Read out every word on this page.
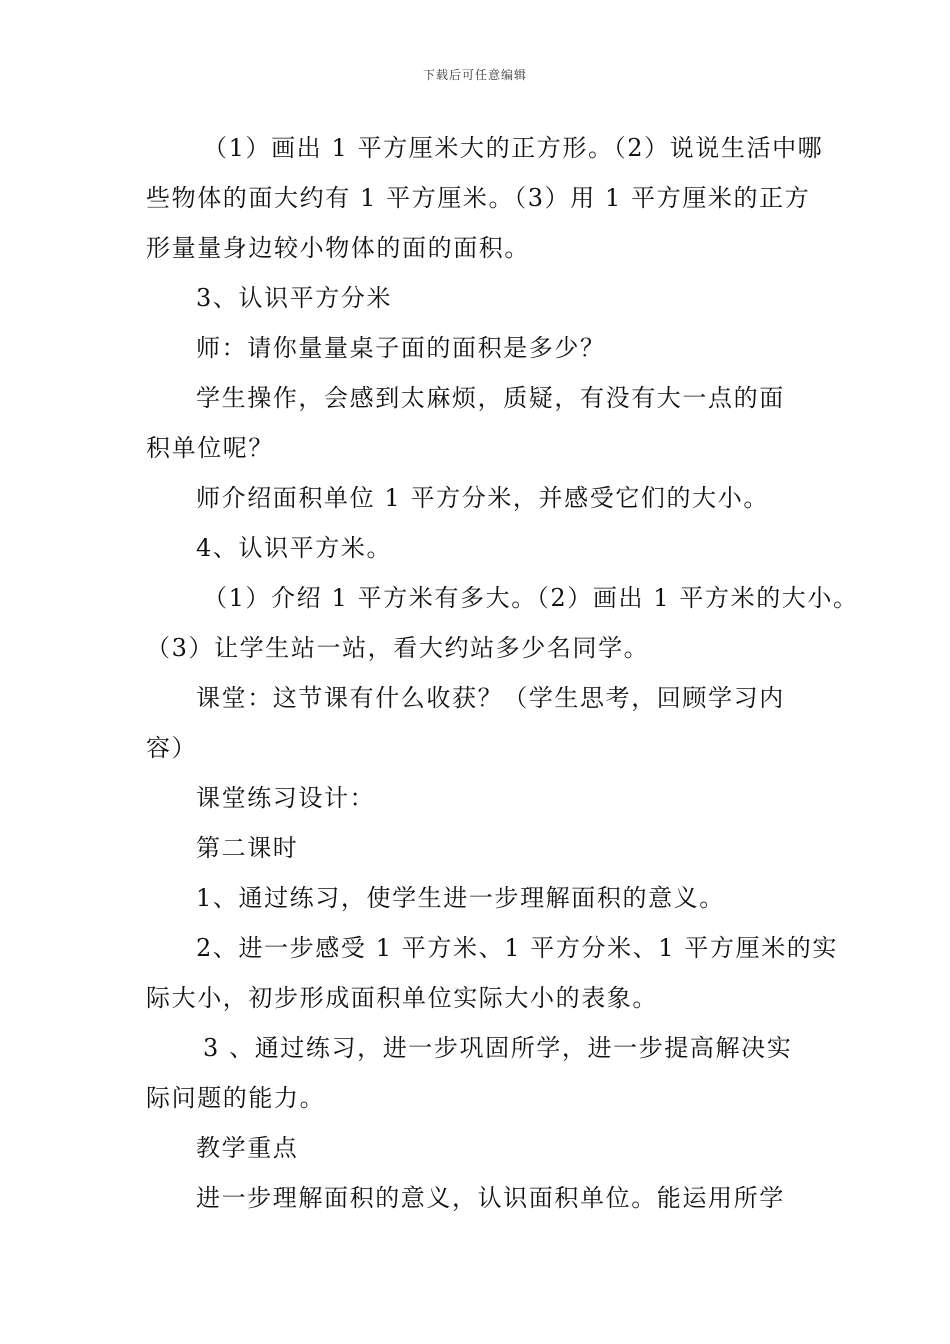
下载后可任意编辑
（1）画出 1 平方厘米大的正方形。（2）说说生活中哪
些物体的面大约有 1 平方厘米。（3）用 1 平方厘米的正方
形量量身边较小物体的面的面积。
3、认识平方分米
师：请你量量桌子面的面积是多少？
学生操作，会感到太麻烦，质疑，有没有大一点的面
积单位呢？
师介绍面积单位 1 平方分米，并感受它们的大小。
4、认识平方米。
（1）介绍 1 平方米有多大。（2）画出 1 平方米的大小。
（3）让学生站一站，看大约站多少名同学。
课堂：这节课有什么收获？（学生思考，回顾学习内
容）
课堂练习设计：
第二课时
1、通过练习，使学生进一步理解面积的意义。
2、进一步感受 1 平方米、1 平方分米、1 平方厘米的实
际大小，初步形成面积单位实际大小的表象。
3 、通过练习，进一步巩固所学，进一步提高解决实
际问题的能力。
教学重点
进一步理解面积的意义，认识面积单位。能运用所学
